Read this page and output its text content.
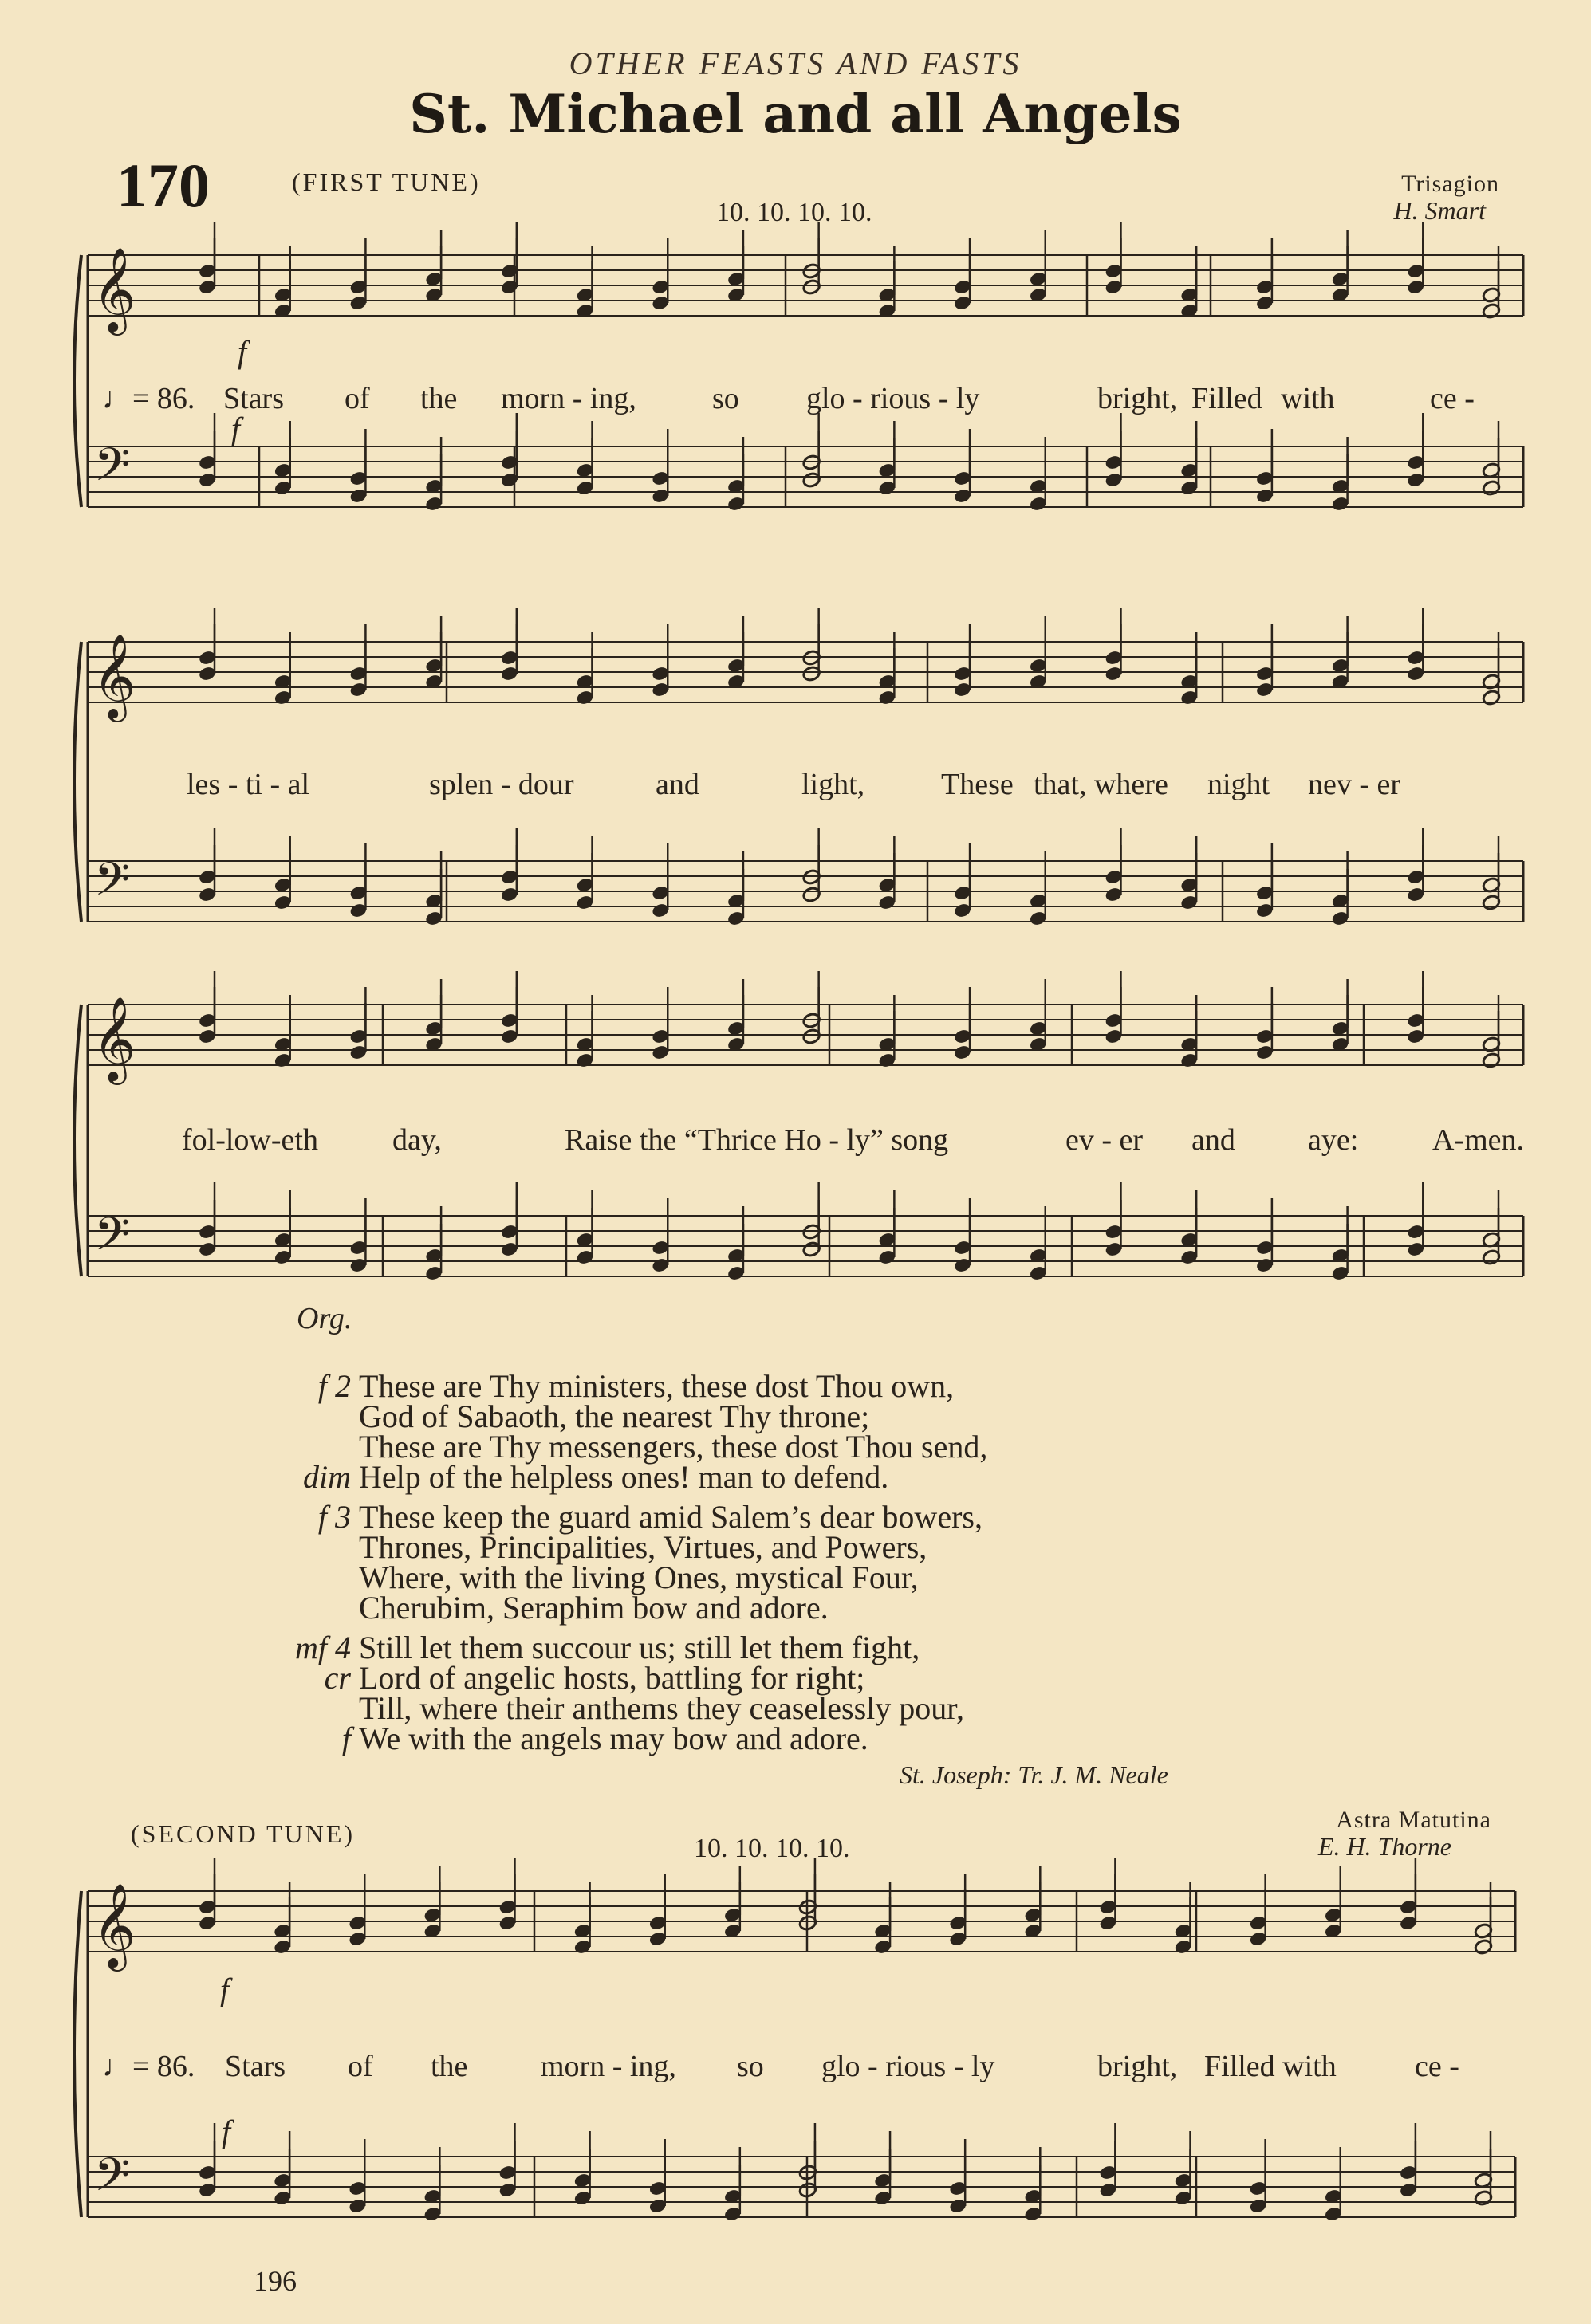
OTHER FEASTS AND FASTS
St. Michael and all Angels
170	(FIRST TUNE)
10. 10. 10. 10.
Trisagion
H. Smart
𝄞
𝄢
𝄞
𝄢
𝄞
𝄢
𝄞
𝄢
f
♩= 86. Stars of the morn - ing,	so glo - rious - ly	bright, Filled with	ce -
f
les - ti - al	splen - dour	and	light,	These that, where night nev - er
fol-low-eth day,	Raise the “Thrice Ho - ly” song	ev - er and aye: A-men.
Org.
f 2 These are Thy ministers, these dost Thou own,
God of Sabaoth, the nearest Thy throne;
These are Thy messengers, these dost Thou send,
dim Help of the helpless ones! man to defend.
f 3 These keep the guard amid Salem’s dear bowers,
Thrones, Principalities, Virtues, and Powers,
Where, with the living Ones, mystical Four,
Cherubim, Seraphim bow and adore.
mf 4 Still let them succour us; still let them fight,
cr Lord of angelic hosts, battling for right;
Till, where their anthems they ceaselessly pour,
f We with the angels may bow and adore.
St. Joseph: Tr. J. M. Neale
(SECOND TUNE)	10. 10. 10. 10.
Astra Matutina
E. H. Thorne
f
♩= 86. Stars of the morn - ing, so glo - rious - ly	bright, Filled with	ce -
f
196
